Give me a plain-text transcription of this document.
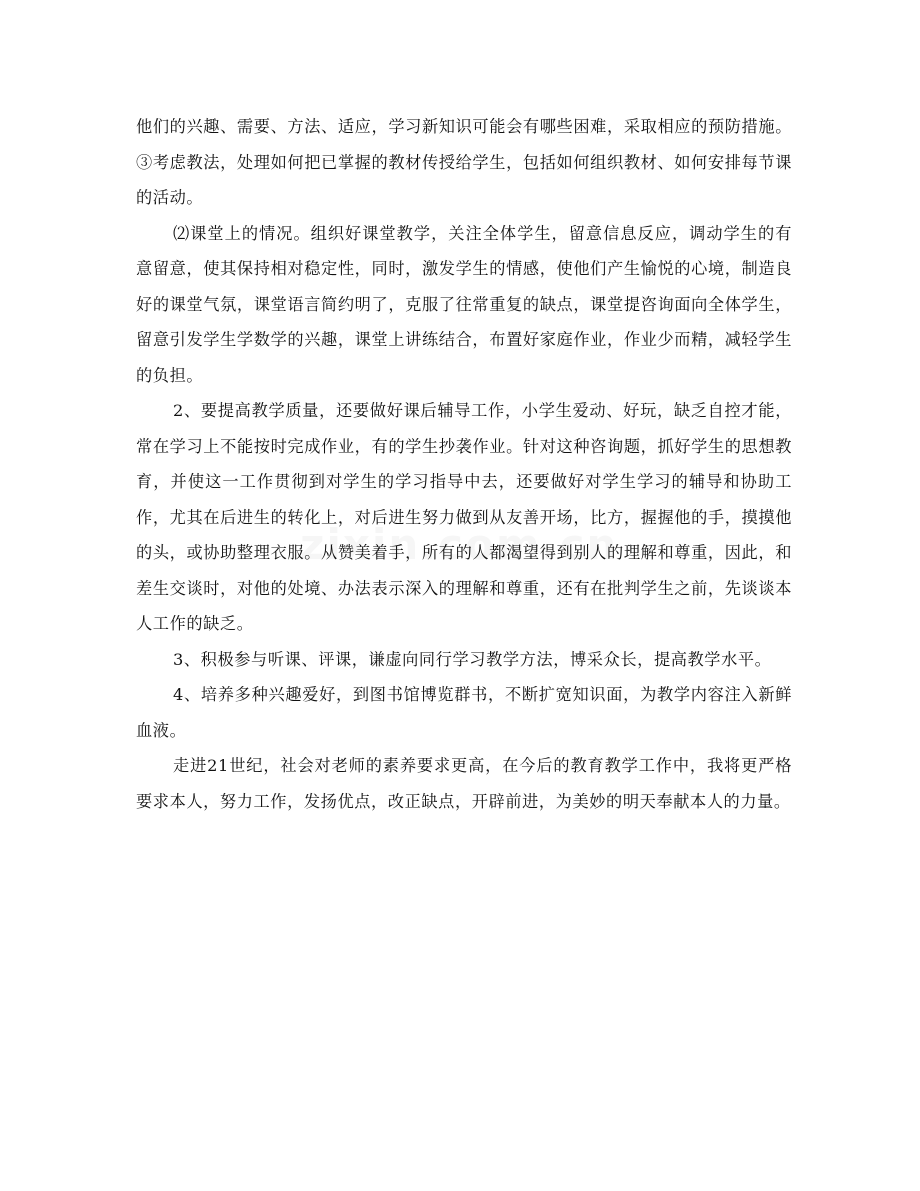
他们的兴趣、需要、方法、适应，学习新知识可能会有哪些困难，采取相应的预防措施。③考虑教法，处理如何把已掌握的教材传授给学生，包括如何组织教材、如何安排每节课的活动。

⑵课堂上的情况。组织好课堂教学，关注全体学生，留意信息反应，调动学生的有意留意，使其保持相对稳定性，同时，激发学生的情感，使他们产生愉悦的心境，制造良好的课堂气氛，课堂语言简约明了，克服了往常重复的缺点，课堂提咨询面向全体学生，留意引发学生学数学的兴趣，课堂上讲练结合，布置好家庭作业，作业少而精，减轻学生的负担。

2、要提高教学质量，还要做好课后辅导工作，小学生爱动、好玩，缺乏自控才能，常在学习上不能按时完成作业，有的学生抄袭作业。针对这种咨询题，抓好学生的思想教育，并使这一工作贯彻到对学生的学习指导中去，还要做好对学生学习的辅导和协助工作，尤其在后进生的转化上，对后进生努力做到从友善开场，比方，握握他的手，摸摸他的头，或协助整理衣服。从赞美着手，所有的人都渴望得到别人的理解和尊重，因此，和差生交谈时，对他的处境、办法表示深入的理解和尊重，还有在批判学生之前，先谈谈本人工作的缺乏。

3、积极参与听课、评课，谦虚向同行学习教学方法，博采众长，提高教学水平。

4、培养多种兴趣爱好，到图书馆博览群书，不断扩宽知识面，为教学内容注入新鲜血液。

走进21世纪，社会对老师的素养要求更高，在今后的教育教学工作中，我将更严格要求本人，努力工作，发扬优点，改正缺点，开辟前进，为美妙的明天奉献本人的力量。
